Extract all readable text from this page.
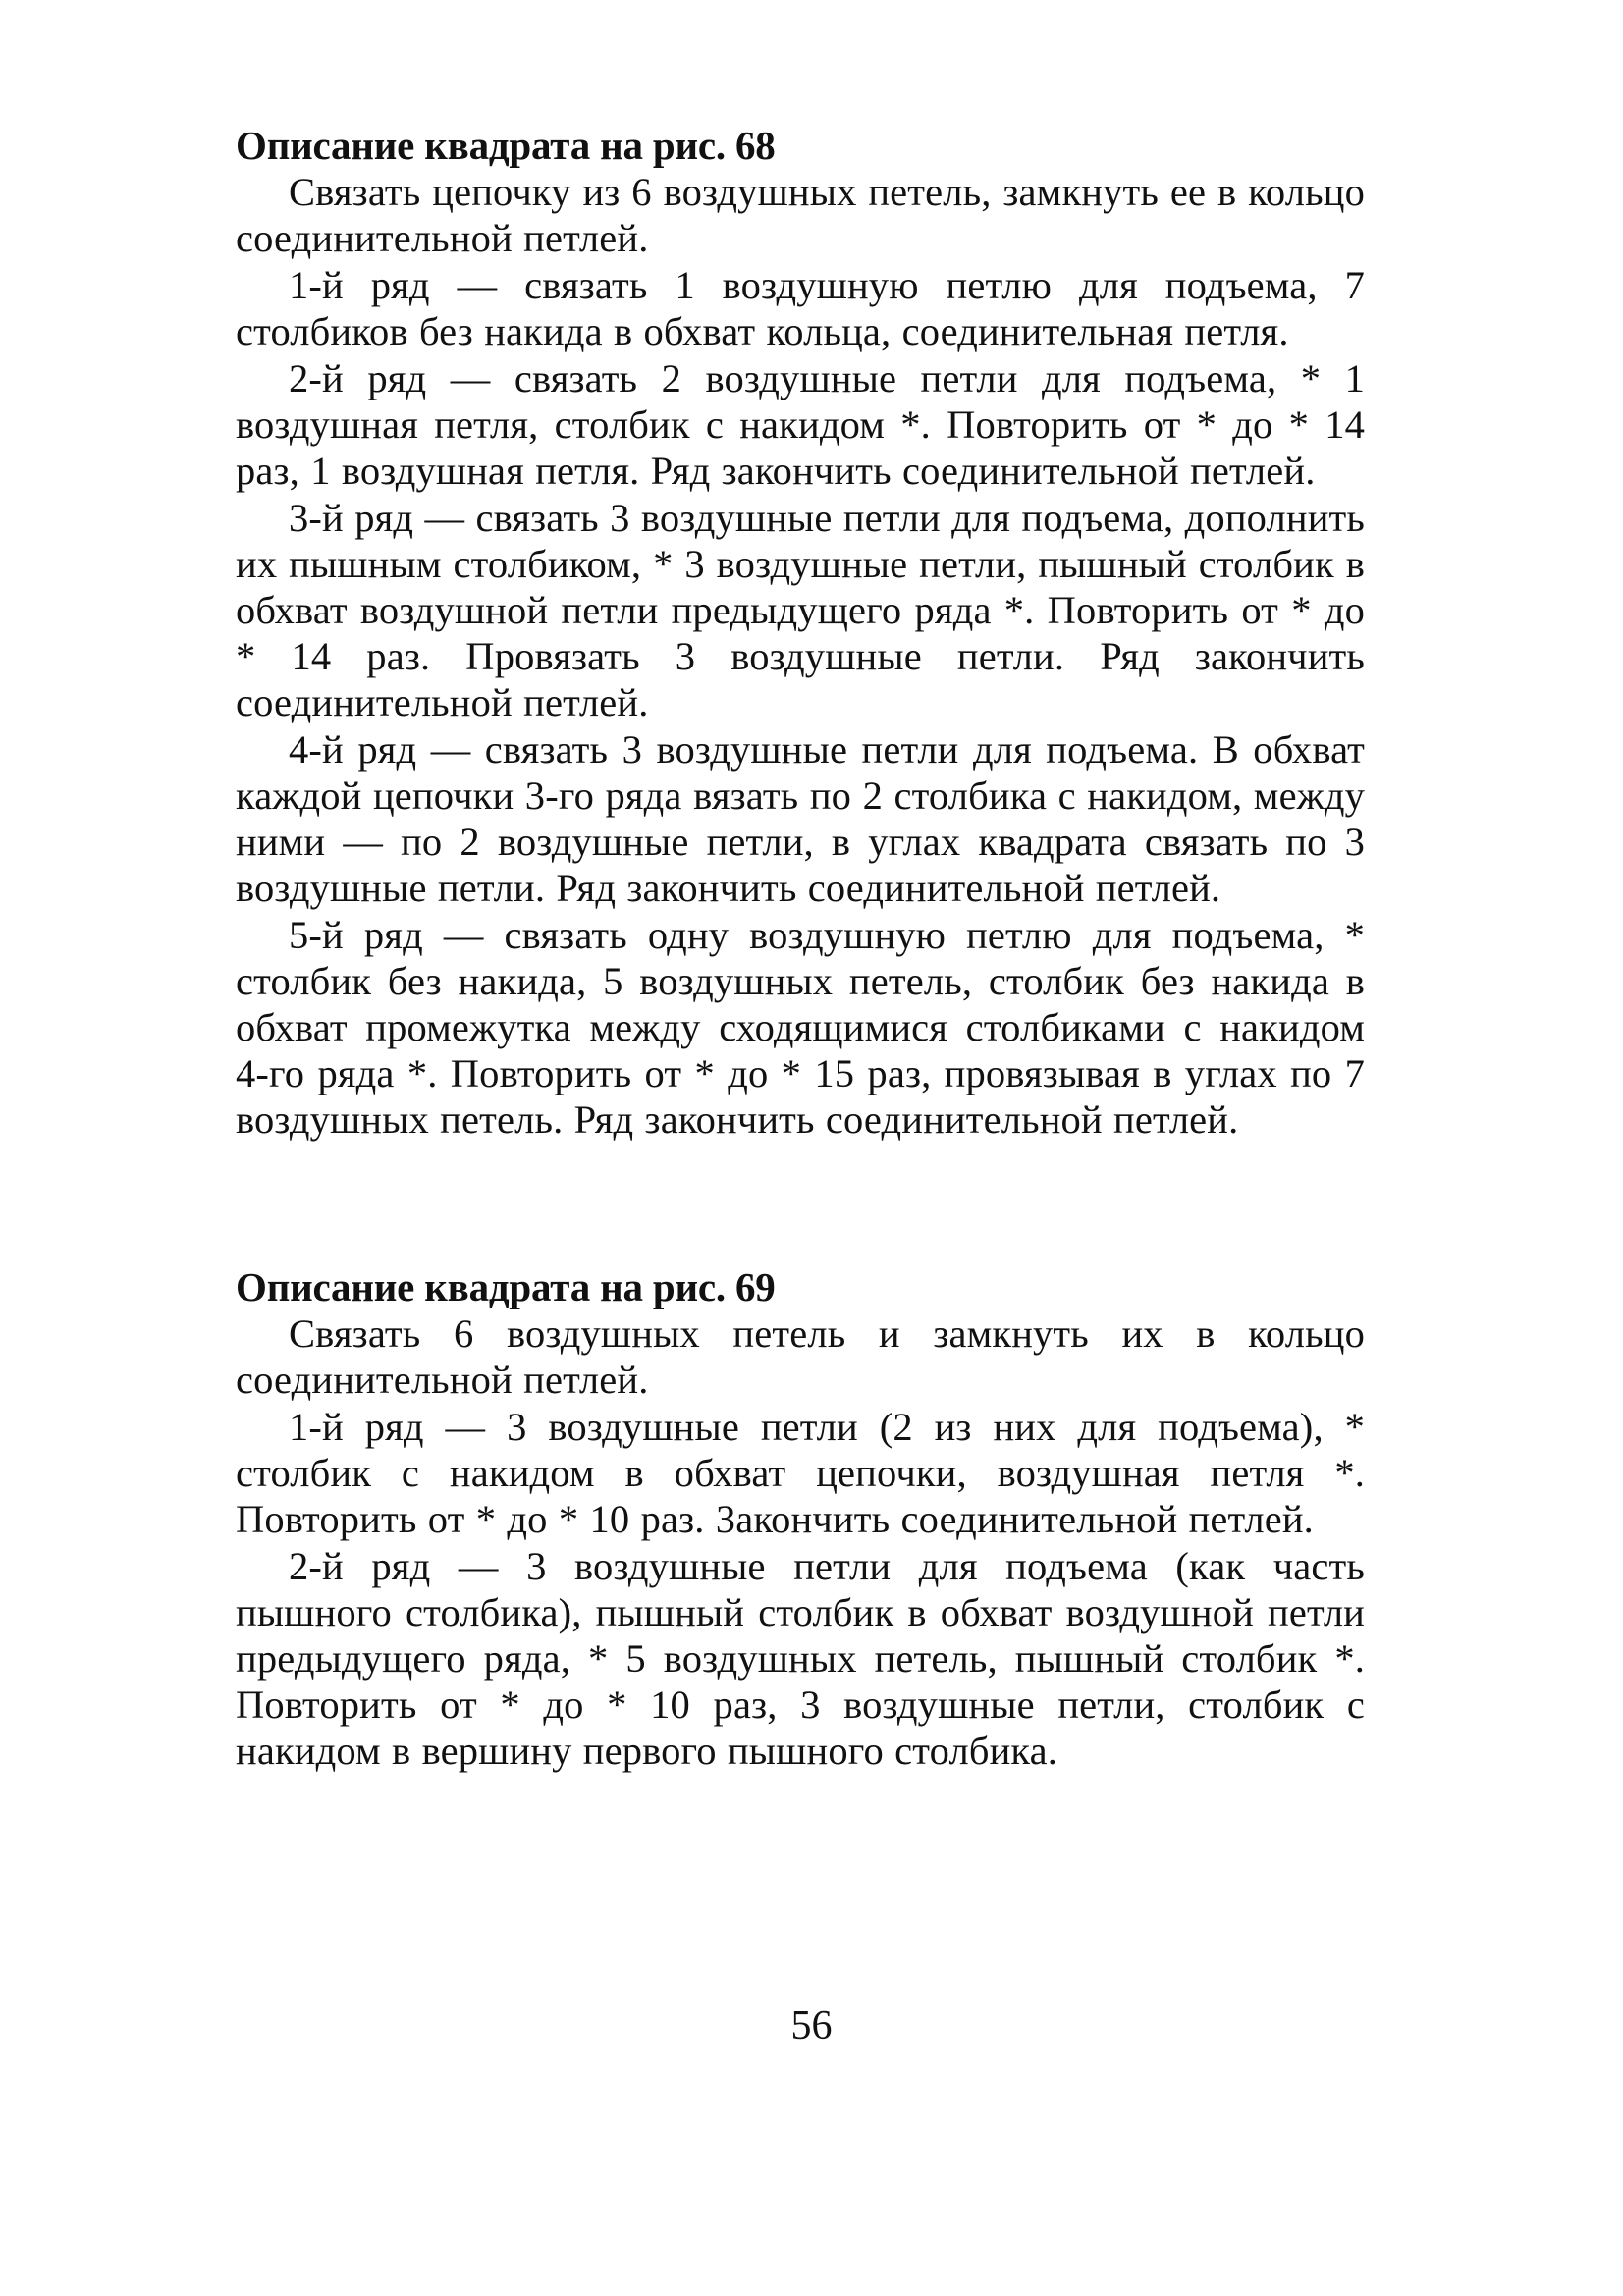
Описание квадрата на рис. 68

Связать цепочку из 6 воздушных петель, замкнуть ее в кольцо соединительной петлей.

1-й ряд — связать 1 воздушную петлю для подъема, 7 столбиков без накида в обхват кольца, соединительная петля.

2-й ряд — связать 2 воздушные петли для подъема, * 1 воздушная петля, столбик с накидом *. Повторить от * до * 14 раз, 1 воздушная петля. Ряд закончить соединительной петлей.

3-й ряд — связать 3 воздушные петли для подъема, дополнить их пышным столбиком, * 3 воздушные петли, пышный столбик в обхват воздушной петли предыдущего ряда *. Повторить от * до * 14 раз. Провязать 3 воздушные петли. Ряд закончить соединительной петлей.

4-й ряд — связать 3 воздушные петли для подъема. В обхват каждой цепочки 3-го ряда вязать по 2 столбика с накидом, между ними — по 2 воздушные петли, в углах квадрата связать по 3 воздушные петли. Ряд закончить соединительной петлей.

5-й ряд — связать одну воздушную петлю для подъема, * столбик без накида, 5 воздушных петель, столбик без накида в обхват промежутка между сходящимися столбиками с накидом 4-го ряда *. Повторить от * до * 15 раз, провязывая в углах по 7 воздушных петель. Ряд закончить соединительной петлей.

Описание квадрата на рис. 69

Связать 6 воздушных петель и замкнуть их в кольцо соединительной петлей.

1-й ряд — 3 воздушные петли (2 из них для подъема), * столбик с накидом в обхват цепочки, воздушная петля *. Повторить от * до * 10 раз. Закончить соединительной петлей.

2-й ряд — 3 воздушные петли для подъема (как часть пышного столбика), пышный столбик в обхват воздушной петли предыдущего ряда, * 5 воздушных петель, пышный столбик *. Повторить от * до * 10 раз, 3 воздушные петли, столбик с накидом в вершину первого пышного столбика.

56
